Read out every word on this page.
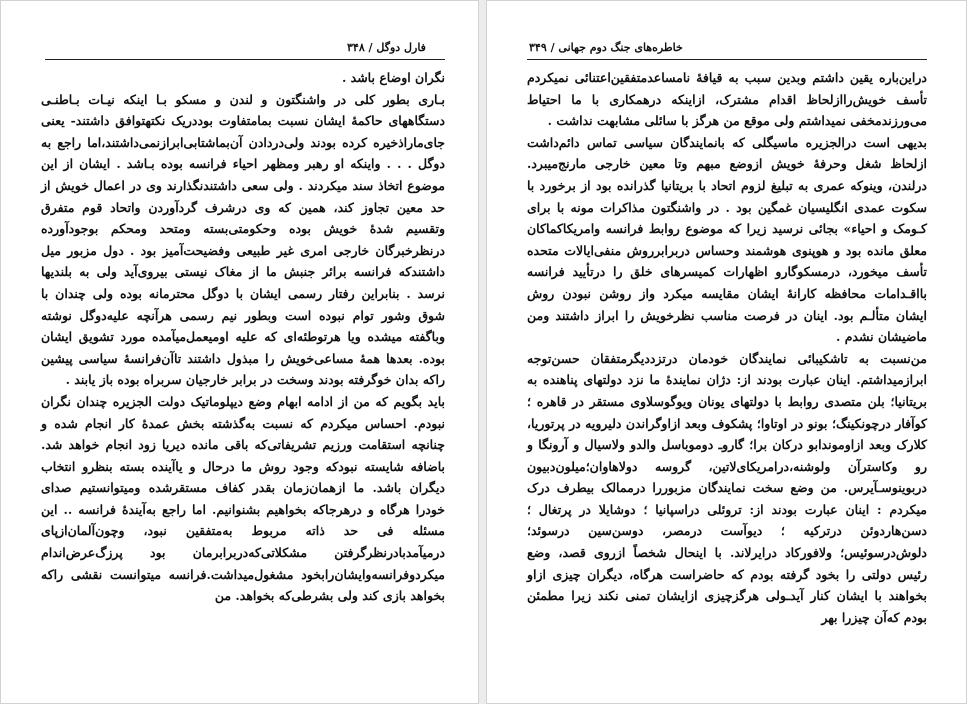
۳۴۸ / فارل دوگل

نگران اوضاع باشد .

بـاری بطور کلی در واشنگتون و لندن و مسکو بـا اینکه نیـات بـاطنـی دستگاههای حاکمهٔ ایشان نسبت بمامتفاوت بوددریک نکتهتوافق داشتند- یعنی جای‌ماراذخیره کرده بودند ولی‌دردادن آن‌بماشتابی‌ابرازنمی‌داشتند،اما راجع به دوگل . . . واینکه او رهبر ومظهر احیاء فرانسه بوده بـاشد . ایشان از این موضوع اتخاذ سند میکردند . ولی سعی داشتندنگذارند وی در اعمال خویش از حد معین تجاوز کند، همین که وی درشرف گردآوردن واتحاد قوم متفرق وتقسیم شدهٔ خویش بوده وحکومتی‌بسته ومتحد ومحکم بوجودآورده درنظرخبرگان خارجی امری غیر طبیعی وفضیحت‌آمیز بود . دول مزبور میل داشتند‌که فرانسه برائر جنبش ما از مغاک نیستی بیروی‌آید ولی به بلندیها نرسد . بنابراین رفتار رسمی ایشان با دوگل محترمانه بوده ولی چندان با شوق وشور توام نبوده است وبطور نیم رسمی هرآنچه علیه‌دوگل نوشته وباگفته میشده ویا هرتوطئه‌ای که علیه اومیعمل‌میآمده مورد تشویق ایشان بوده. بعدها همهٔ مساعی‌خویش را مبذول داشتند تاآن‌فرانسهٔ سیاسی پیشین راکه بدان خوگرفته بودند وسخت در برابر خارجیان سربراه بوده باز یابند .

باید بگویم که من از ادامه ابهام وضع دیپلوماتیک دولت الجزیره چندان نگران نبودم. احساس میکردم که نسبت به‌گذشته بخش عمدهٔ کار انجام شده و چنانچه استقامت ورزیم تشریفاتی‌که باقی مانده دیریا زود انجام خواهد شد. باضافه شایسته نبودکه وجود روش ما درحال و یاآینده بسته بنظرو انتخاب دیگران باشد. ما ازهمان‌زمان بقدر کفاف مستقرشده ومیتوانستیم صدای خودرا هرگاه و درهرجاکه بخواهیم بشنوانیم. اما راجع به‌آیندهٔ فرانسه .. این مسئله فی حد ذاته مربوط به‌متفقین نبود، وچون‌آلمان‌ازپای درمیآمد‌بادرنظرگرفتن مشکلاتی‌که‌دربرابرمان بود پرزگ‌عرض‌اندام میکردوفرانسه‌وایشان‌رابخود مشغول‌میداشت.فرانسه میتوانست نقشی راکه بخواهد بازی کند ولی بشرطی‌که بخواهد. من

خاطره‌های جنگ دوم جهانی / ۳۴۹

دراین‌باره یقین داشتم وبدین سبب به قیافهٔ نامساعدمتفقین‌اعتنائی نمیکردم تأسف خویش‌راازلحاظ اقدام مشترک، ازاینکه درهمکاری با ما احتیاط می‌ورزندمخفی نمیداشتم ولی موقع من هرگز با سائلی مشابهت نداشت .

بدیهی است درالجزیره ماسیگلی که بانمایندگان سیاسی تماس دائم‌داشت ازلحاظ شغل وحرفهٔ خویش ازوضع مبهم وتا معین خارجی مارنج‌میبرد. درلندن، وینوکه عمری به تبلیغ لزوم اتحاد با بریتانیا گذرانده بود از برخورد با سکوت عمدی انگلیسیان غمگین بود . در واشنگتون مذاکرات مونه با برای کـومک و احیاء» بجائی نرسید زیرا که موضوع روابط فرانسه وامریکاکماکان معلق مانده بود و هوپنوی هوشمند وحساس دربرابرروش منفی‌ایالات متحده تأسف میخورد، درمسکوگارو اظهارات کمیسرهای خلق را درتأیید فرانسه بااقـدامات محافظه کارانهٔ ایشان مقایسه میکرد واز روشن نبودن روش ایشان متألـم بود. اینان در فرصت مناسب نظرخویش را ابراز داشتند ومن ماضیشان نشدم .

من‌نسبت به تاشکیبائی نمایندگان خودمان درتزددیگرمتفقان حسن‌توجه ابرازمیداشتم. اینان عبارت بودند از: دژان نمایندهٔ ما نزد دولتهای پناهنده به بریتانیا؛ بلن متصدی روابط با دولتهای یونان ویوگوسلاوی مستقر در قاهره ؛ کوآفار درچونکینگ؛ بونو در اوتاوا؛ پشکوف وبعد ازاوگراندن دلیرویه در پرتوریا، کلارک وبعد ازاوموندابو درکان برا؛ گاروـ دوموباسل والدو ولاسیال و آرونگا و رو وکاسترآن ولوشنه،درامریکای‌لاتین، گروسه دولاهاوان؛میلون‌دبیون دربوینوسـآیرس. من وضع سخت نمایندگان مزبوررا درممالک بیطرف درک میکردم : اینان عبارت بودند از: تروئلی دراسپانیا ؛ دوشایلا در پرتغال ؛ دسن‌هاردوئن درترکیه ؛ دیوآست درمصر، دوسن‌سین درسوئد؛ دلوش‌درسوئیس؛ ولافورکاد درایرلاند. با اینحال شخصاً ازروی قصد، وضع رئیس دولتی را بخود گرفته بودم که حاضراست هرگاه، دیگران چیزی ازاو بخواهند با ایشان کنار آید‌ـولی هرگزچیزی ازایشان تمنی نکند زیرا مطمئن بودم که‌آن چیزرا بهر
